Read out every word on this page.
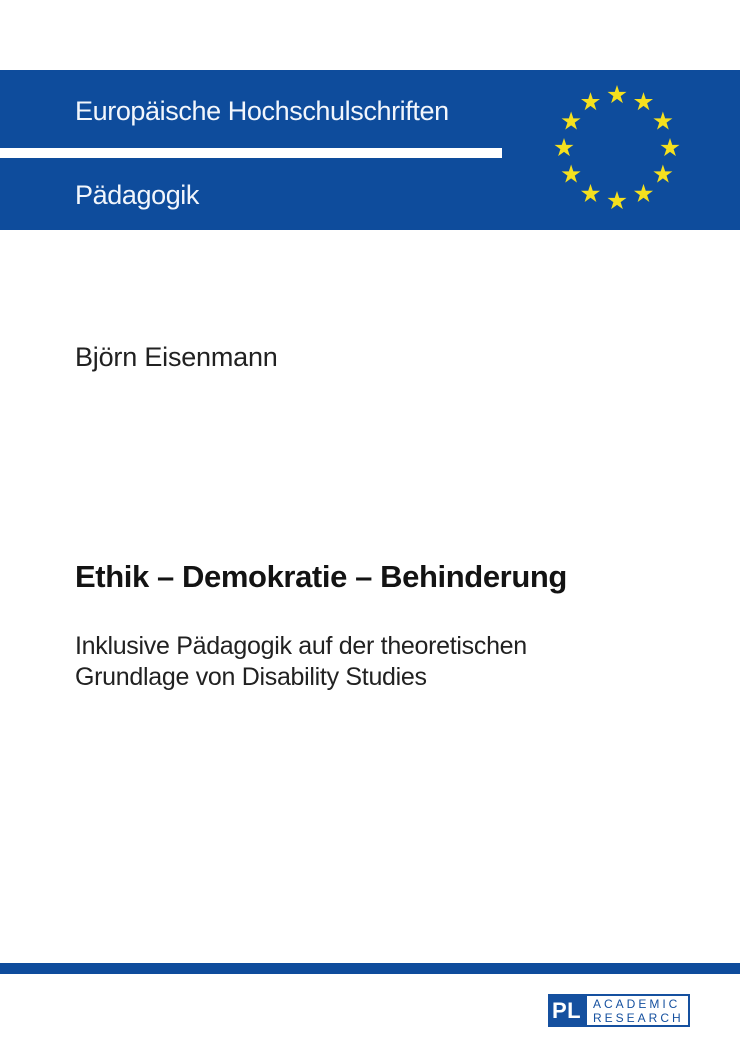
Europäische Hochschulschriften
Pädagogik
Björn Eisenmann
Ethik – Demokratie – Behinderung
Inklusive Pädagogik auf der theoretischen
Grundlage von Disability Studies
PL ACADEMIC
RESEARCH
